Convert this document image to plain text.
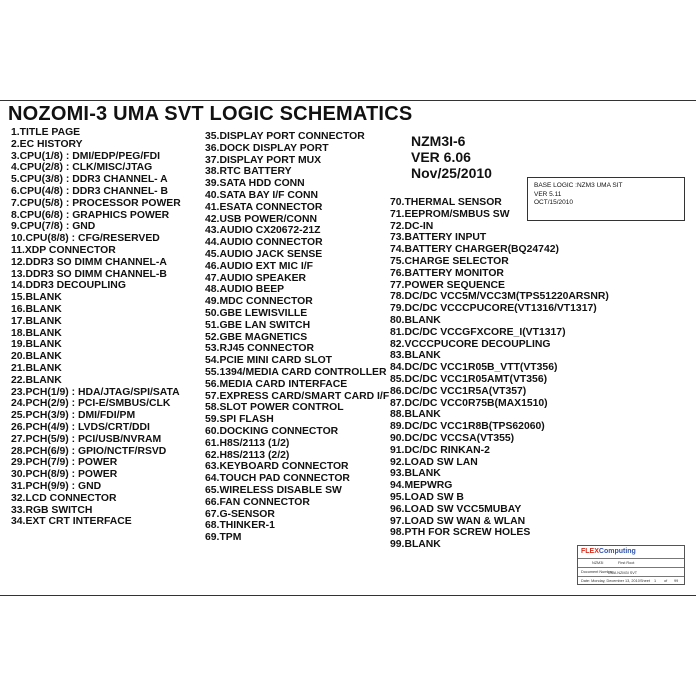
NOZOMI-3 UMA SVT LOGIC SCHEMATICS
1.TITLE PAGE
2.EC HISTORY
3.CPU(1/8) : DMI/EDP/PEG/FDI
4.CPU(2/8) : CLK/MISC/JTAG
5.CPU(3/8) : DDR3 CHANNEL- A
6.CPU(4/8) : DDR3 CHANNEL- B
7.CPU(5/8) : PROCESSOR POWER
8.CPU(6/8) : GRAPHICS POWER
9.CPU(7/8) : GND
10.CPU(8/8) : CFG/RESERVED
11.XDP CONNECTOR
12.DDR3 SO DIMM CHANNEL-A
13.DDR3 SO DIMM CHANNEL-B
14.DDR3 DECOUPLING
15.BLANK
16.BLANK
17.BLANK
18.BLANK
19.BLANK
20.BLANK
21.BLANK
22.BLANK
23.PCH(1/9) : HDA/JTAG/SPI/SATA
24.PCH(2/9) : PCI-E/SMBUS/CLK
25.PCH(3/9) : DMI/FDI/PM
26.PCH(4/9) : LVDS/CRT/DDI
27.PCH(5/9) : PCI/USB/NVRAM
28.PCH(6/9) : GPIO/NCTF/RSVD
29.PCH(7/9) : POWER
30.PCH(8/9) : POWER
31.PCH(9/9) : GND
32.LCD CONNECTOR
33.RGB SWITCH
34.EXT CRT INTERFACE
35.DISPLAY PORT CONNECTOR
36.DOCK DISPLAY PORT
37.DISPLAY PORT MUX
38.RTC BATTERY
39.SATA HDD CONN
40.SATA BAY I/F CONN
41.ESATA CONNECTOR
42.USB POWER/CONN
43.AUDIO CX20672-21Z
44.AUDIO CONNECTOR
45.AUDIO JACK SENSE
46.AUDIO EXT MIC I/F
47.AUDIO SPEAKER
48.AUDIO BEEP
49.MDC CONNECTOR
50.GBE LEWISVILLE
51.GBE LAN SWITCH
52.GBE MAGNETICS
53.RJ45 CONNECTOR
54.PCIE MINI CARD SLOT
55.1394/MEDIA CARD CONTROLLER
56.MEDIA CARD INTERFACE
57.EXPRESS CARD/SMART CARD I/F
58.SLOT POWER CONTROL
59.SPI FLASH
60.DOCKING CONNECTOR
61.H8S/2113 (1/2)
62.H8S/2113 (2/2)
63.KEYBOARD CONNECTOR
64.TOUCH PAD CONNECTOR
65.WIRELESS DISABLE SW
66.FAN CONNECTOR
67.G-SENSOR
68.THINKER-1
69.TPM
70.THERMAL SENSOR
71.EEPROM/SMBUS SW
72.DC-IN
73.BATTERY INPUT
74.BATTERY CHARGER(BQ24742)
75.CHARGE SELECTOR
76.BATTERY MONITOR
77.POWER SEQUENCE
78.DC/DC VCC5M/VCC3M(TPS51220ARSNR)
79.DC/DC VCCCPUCORE(VT1316/VT1317)
80.BLANK
81.DC/DC VCCGFXCORE_I(VT1317)
82.VCCCPUCORE DECOUPLING
83.BLANK
84.DC/DC VCC1R05B_VTT(VT356)
85.DC/DC VCC1R05AMT(VT356)
86.DC/DC VCC1R5A(VT357)
87.DC/DC VCC0R75B(MAX1510)
88.BLANK
89.DC/DC VCC1R8B(TPS62060)
90.DC/DC VCCSA(VT355)
91.DC/DC RINKAN-2
92.LOAD SW LAN
93.BLANK
94.MEPWRG
95.LOAD SW B
96.LOAD SW VCC5MUBAY
97.LOAD SW WAN & WLAN
98.PTH FOR SCREW HOLES
99.BLANK
NZM3I-6
VER 6.06
Nov/25/2010
BASE LOGIC :NZM3 UMA SIT
VER 5.11
OCT/15/2010
FLEXComputing
NZM3I	First Root
Document Number
UMA NZM3I SVT
Date: Monday, December 13, 2010 Sheet 1 of 99
